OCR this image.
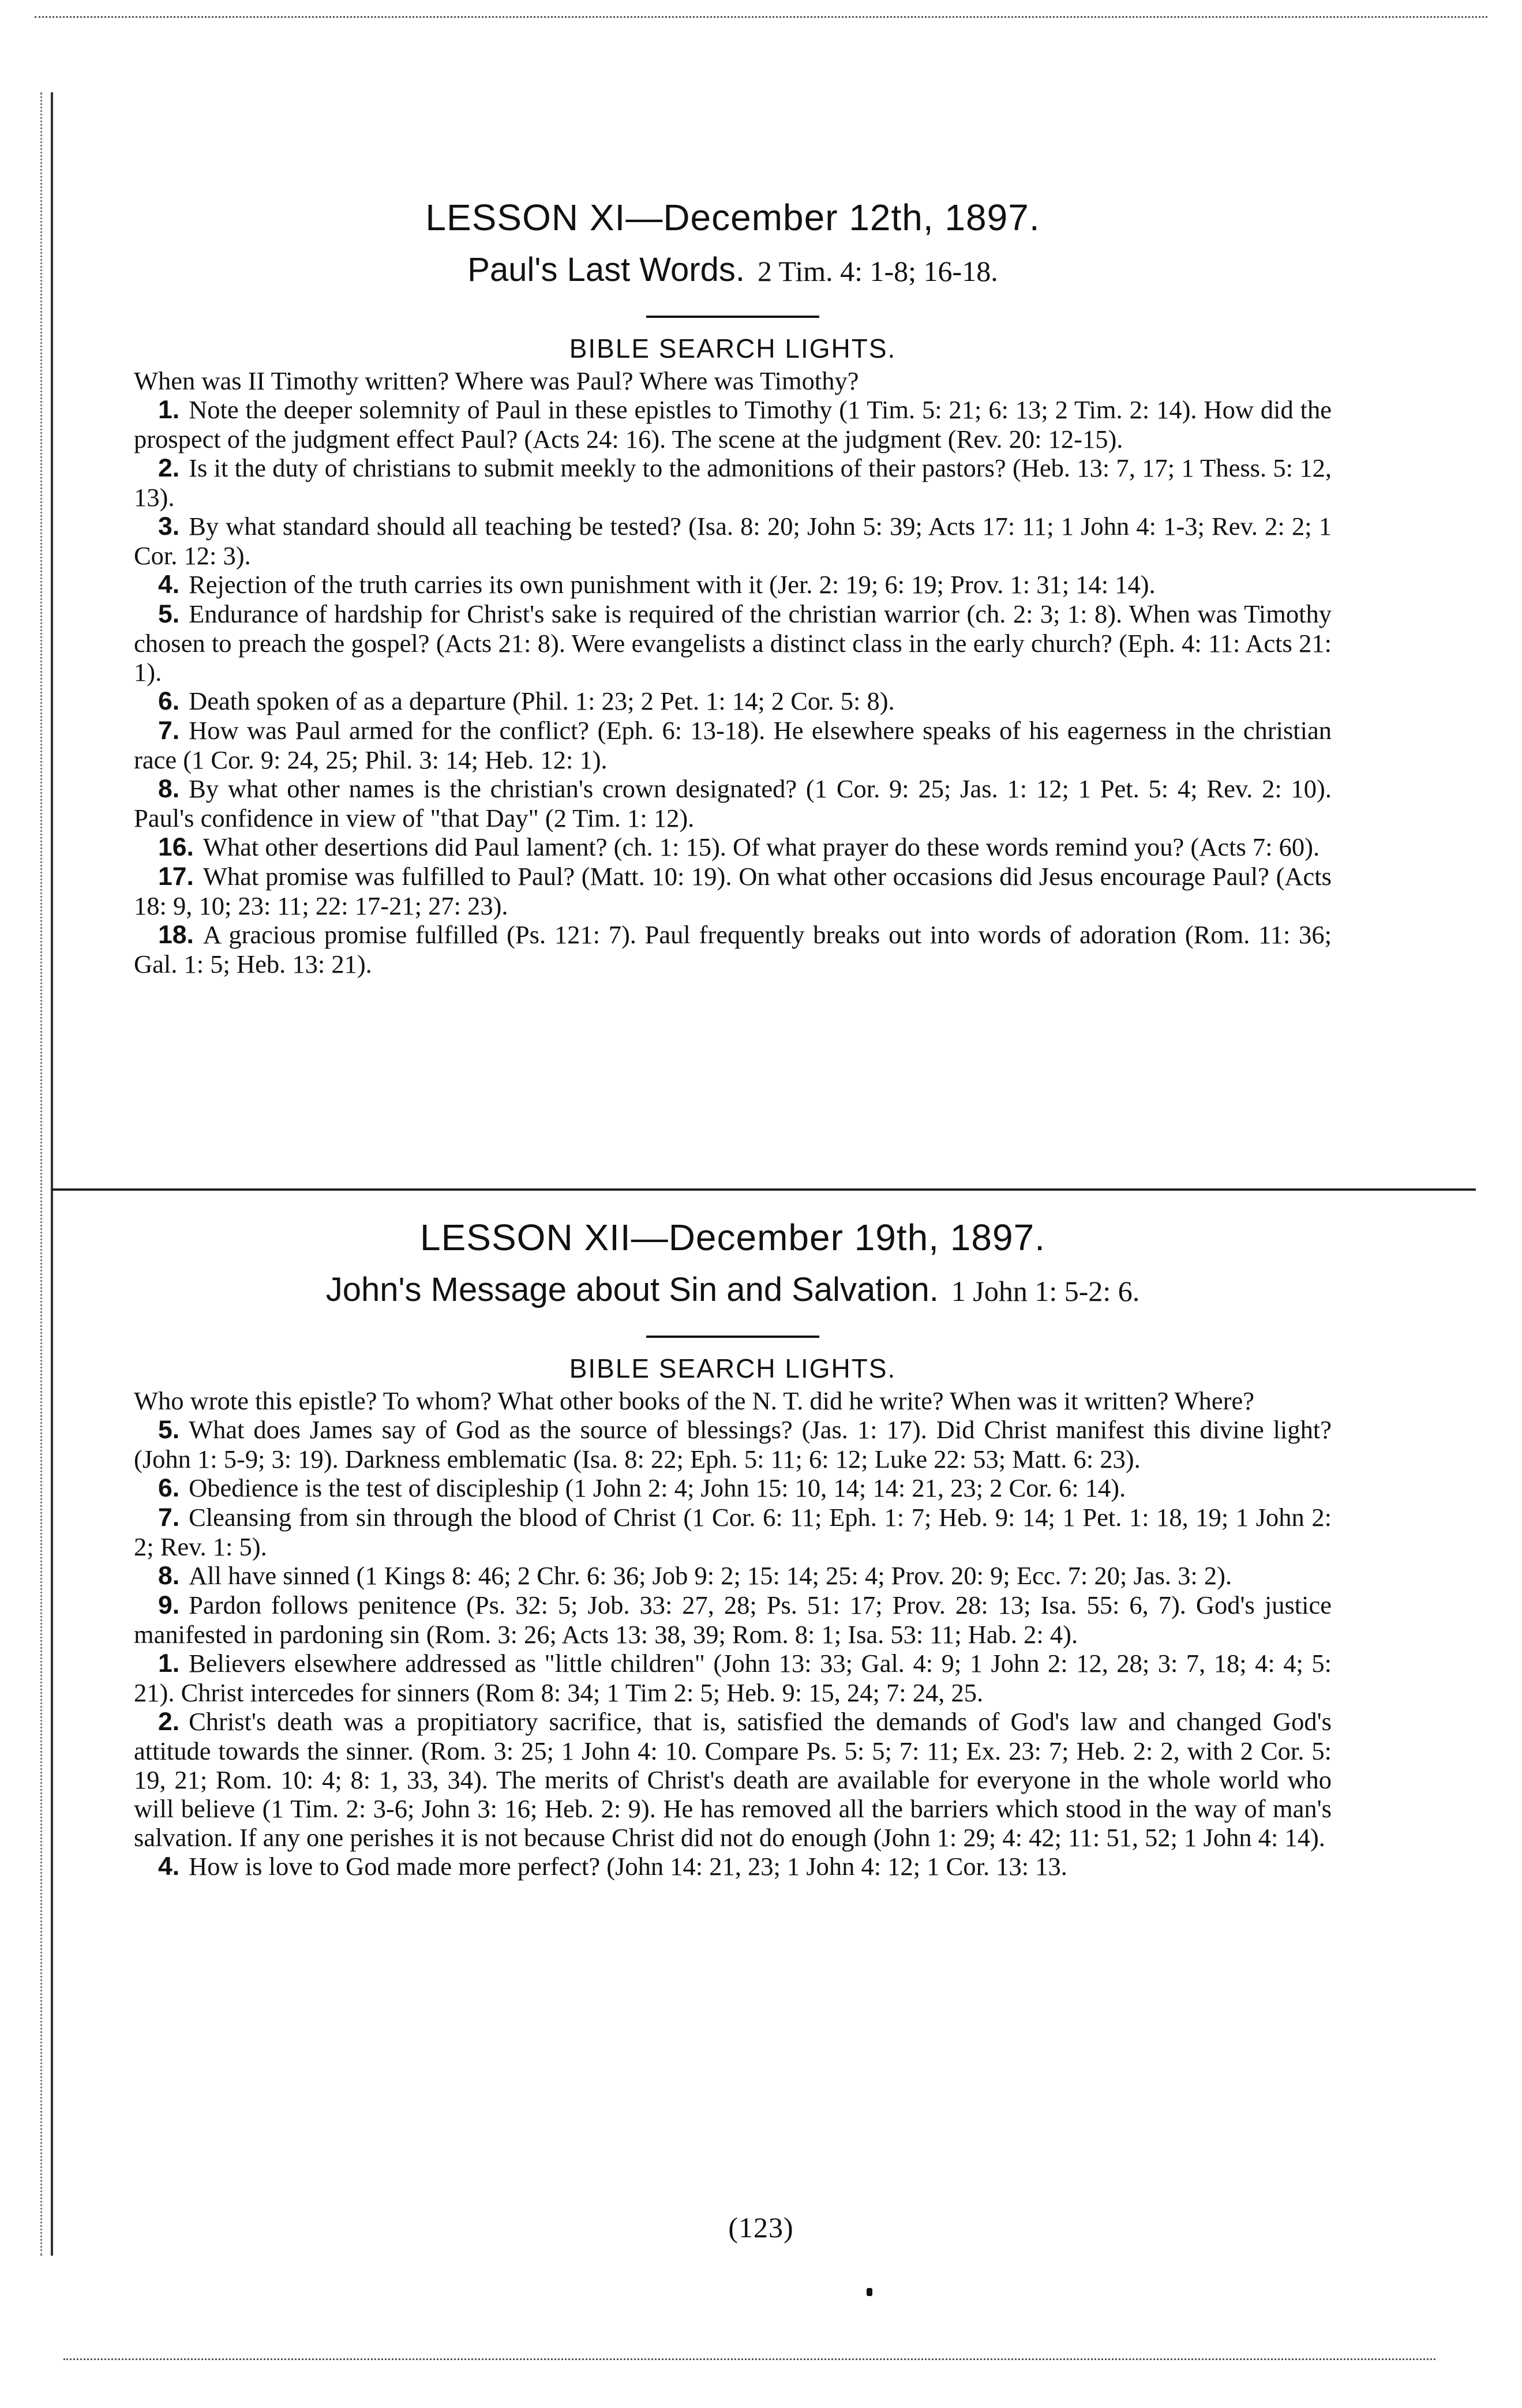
LESSON XI—December 12th, 1897.
Paul's Last Words. 2 Tim. 4: 1-8; 16-18.
BIBLE SEARCH LIGHTS.
When was II Timothy written? Where was Paul? Where was Timothy?
1. Note the deeper solemnity of Paul in these epistles to Timothy (1 Tim. 5: 21; 6: 13; 2 Tim. 2: 14). How did the prospect of the judgment effect Paul? (Acts 24: 16). The scene at the judgment (Rev. 20: 12-15).
2. Is it the duty of christians to submit meekly to the admonitions of their pastors? (Heb. 13: 7, 17; 1 Thess. 5: 12, 13).
3. By what standard should all teaching be tested? (Isa. 8: 20; John 5: 39; Acts 17: 11; 1 John 4: 1-3; Rev. 2: 2; 1 Cor. 12: 3).
4. Rejection of the truth carries its own punishment with it (Jer. 2: 19; 6: 19; Prov. 1: 31; 14: 14).
5. Endurance of hardship for Christ's sake is required of the christian warrior (ch. 2: 3; 1: 8). When was Timothy chosen to preach the gospel? (Acts 21: 8). Were evangelists a distinct class in the early church? (Eph. 4: 11: Acts 21: 1).
6. Death spoken of as a departure (Phil. 1: 23; 2 Pet. 1: 14; 2 Cor. 5: 8).
7. How was Paul armed for the conflict? (Eph. 6: 13-18). He elsewhere speaks of his eagerness in the christian race (1 Cor. 9: 24, 25; Phil. 3: 14; Heb. 12: 1).
8. By what other names is the christian's crown designated? (1 Cor. 9: 25; Jas. 1: 12; 1 Pet. 5: 4; Rev. 2: 10). Paul's confidence in view of "that Day" (2 Tim. 1: 12).
16. What other desertions did Paul lament? (ch. 1: 15). Of what prayer do these words remind you? (Acts 7: 60).
17. What promise was fulfilled to Paul? (Matt. 10: 19). On what other occasions did Jesus encourage Paul? (Acts 18: 9, 10; 23: 11; 22: 17-21; 27: 23).
18. A gracious promise fulfilled (Ps. 121: 7). Paul frequently breaks out into words of adoration (Rom. 11: 36; Gal. 1: 5; Heb. 13: 21).
LESSON XII—December 19th, 1897.
John's Message about Sin and Salvation. 1 John 1: 5-2: 6.
BIBLE SEARCH LIGHTS.
Who wrote this epistle? To whom? What other books of the N. T. did he write? When was it written? Where?
5. What does James say of God as the source of blessings? (Jas. 1: 17). Did Christ manifest this divine light? (John 1: 5-9; 3: 19). Darkness emblematic (Isa. 8: 22; Eph. 5: 11; 6: 12; Luke 22: 53; Matt. 6: 23).
6. Obedience is the test of discipleship (1 John 2: 4; John 15: 10, 14; 14: 21, 23; 2 Cor. 6: 14).
7. Cleansing from sin through the blood of Christ (1 Cor. 6: 11; Eph. 1: 7; Heb. 9: 14; 1 Pet. 1: 18, 19; 1 John 2: 2; Rev. 1: 5).
8. All have sinned (1 Kings 8: 46; 2 Chr. 6: 36; Job 9: 2; 15: 14; 25: 4; Prov. 20: 9; Ecc. 7: 20; Jas. 3: 2).
9. Pardon follows penitence (Ps. 32: 5; Job. 33: 27, 28; Ps. 51: 17; Prov. 28: 13; Isa. 55: 6, 7). God's justice manifested in pardoning sin (Rom. 3: 26; Acts 13: 38, 39; Rom. 8: 1; Isa. 53: 11; Hab. 2: 4).
1. Believers elsewhere addressed as "little children" (John 13: 33; Gal. 4: 9; 1 John 2: 12, 28; 3: 7, 18; 4: 4; 5: 21). Christ intercedes for sinners (Rom 8: 34; 1 Tim 2: 5; Heb. 9: 15, 24; 7: 24, 25.
2. Christ's death was a propitiatory sacrifice, that is, satisfied the demands of God's law and changed God's attitude towards the sinner. (Rom. 3: 25; 1 John 4: 10. Compare Ps. 5: 5; 7: 11; Ex. 23: 7; Heb. 2: 2, with 2 Cor. 5: 19, 21; Rom. 10: 4; 8: 1, 33, 34). The merits of Christ's death are available for everyone in the whole world who will believe (1 Tim. 2: 3-6; John 3: 16; Heb. 2: 9). He has removed all the barriers which stood in the way of man's salvation. If any one perishes it is not because Christ did not do enough (John 1: 29; 4: 42; 11: 51, 52; 1 John 4: 14).
4. How is love to God made more perfect? (John 14: 21, 23; 1 John 4: 12; 1 Cor. 13: 13.
(123)
